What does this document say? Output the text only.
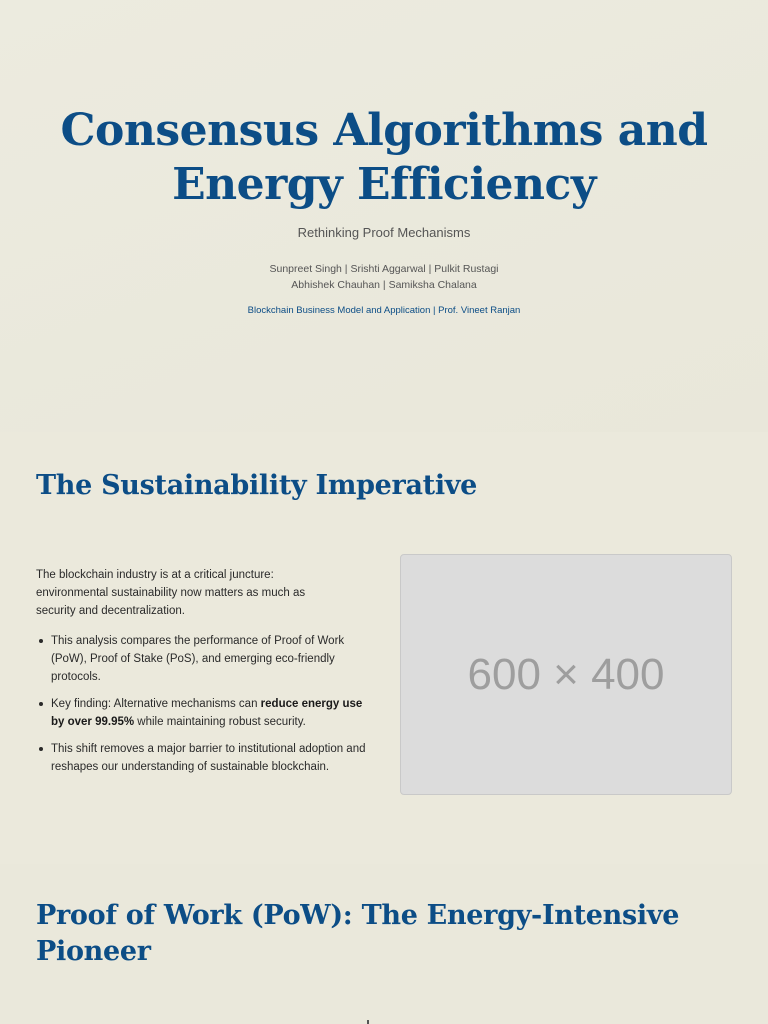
Consensus Algorithms and
Energy Efficiency
Rethinking Proof Mechanisms
Sunpreet Singh | Srishti Aggarwal | Pulkit Rustagi
Abhishek Chauhan | Samiksha Chalana
Blockchain Business Model and Application | Prof. Vineet Ranjan
The Sustainability Imperative

The blockchain industry is at a critical juncture: environmental sustainability now matters as much as security and decentralization.

This analysis compares the performance of Proof of Work (PoW), Proof of Stake (PoS), and emerging eco-friendly protocols.
Key finding: Alternative mechanisms can reduce energy use by over 99.95% while maintaining robust security.
This shift removes a major barrier to institutional adoption and reshapes our understanding of sustainable blockchain.
600 × 400
Proof of Work (PoW): The Energy-Intensive
Pioneer
